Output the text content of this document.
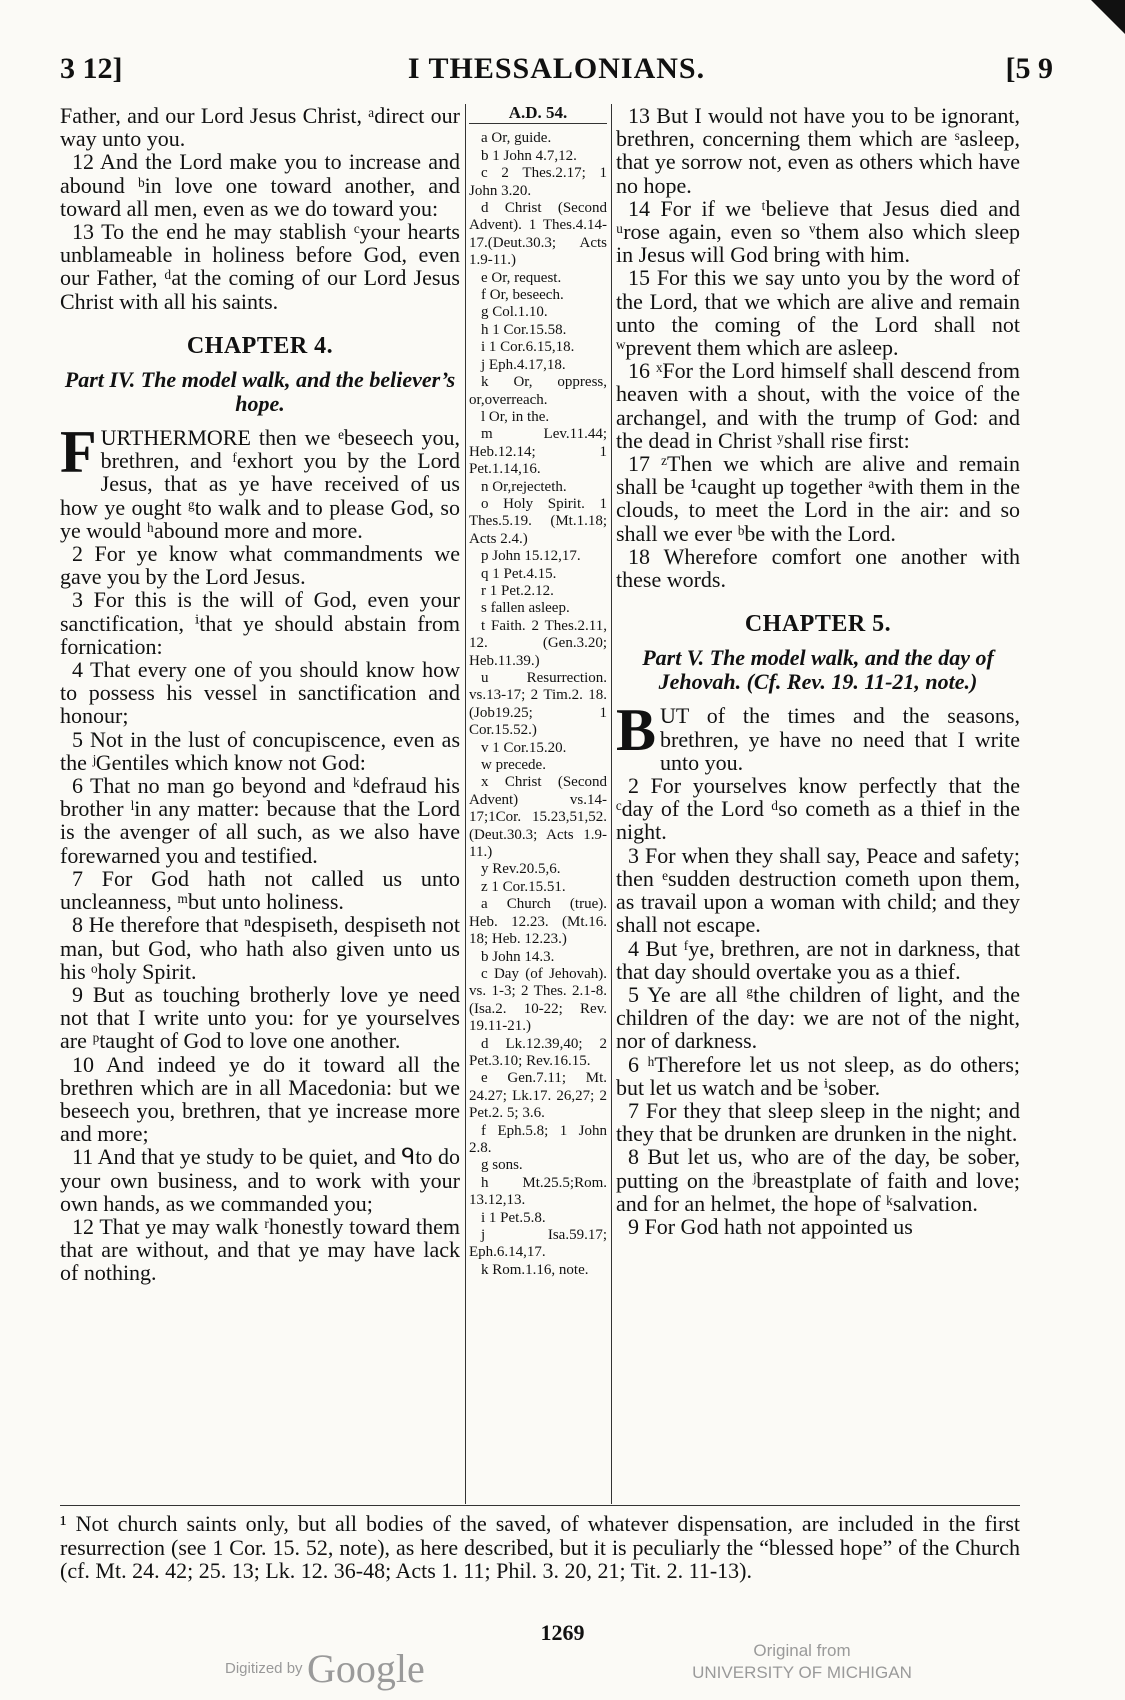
3 12]	I THESSALONIANS.	[5 9

Father, and our Lord Jesus Christ, ᵃdirect our way unto you.

12 And the Lord make you to increase and abound ᵇin love one toward another, and toward all men, even as we do toward you:

13 To the end he may stablish ᶜyour hearts unblameable in holiness before God, even our Father, ᵈat the coming of our Lord Jesus Christ with all his saints.

CHAPTER 4.
Part IV. The model walk, and the believer’s hope.

FURTHERMORE then we ᵉbeseech you, brethren, and ᶠexhort you by the Lord Jesus, that as ye have received of us how ye ought ᵍto walk and to please God, so ye would ʰabound more and more.

2 For ye know what commandments we gave you by the Lord Jesus.

3 For this is the will of God, even your sanctification, ⁱthat ye should abstain from fornication:

4 That every one of you should know how to possess his vessel in sanctification and honour;

5 Not in the lust of concupiscence, even as the ʲGentiles which know not God:

6 That no man go beyond and ᵏdefraud his brother ˡin any matter: because that the Lord is the avenger of all such, as we also have forewarned you and testified.

7 For God hath not called us unto uncleanness, ᵐbut unto holiness.

8 He therefore that ⁿdespiseth, despiseth not man, but God, who hath also given unto us his ᵒholy Spirit.

9 But as touching brotherly love ye need not that I write unto you: for ye yourselves are ᵖtaught of God to love one another.

10 And indeed ye do it toward all the brethren which are in all Macedonia: but we beseech you, brethren, that ye increase more and more;

11 And that ye study to be quiet, and ᑫto do your own business, and to work with your own hands, as we commanded you;

12 That ye may walk ʳhonestly toward them that are without, and that ye may have lack of nothing.

A.D. 54.

a Or, guide.

b 1 John 4.7,12.

c 2 Thes.2.17; 1 John 3.20.

d Christ (Second Advent). 1 Thes.4.14-17.(Deut.30.3; Acts 1.9-11.)

e Or, request.

f Or, beseech.

g Col.1.10.

h 1 Cor.15.58.

i 1 Cor.6.15,18.

j Eph.4.17,18.

k Or, oppress, or,overreach.

l Or, in the.

m Lev.11.44; Heb.12.14; 1 Pet.1.14,16.

n Or,rejecteth.

o Holy Spirit. 1 Thes.5.19. (Mt.1.18; Acts 2.4.)

p John 15.12,17.

q 1 Pet.4.15.

r 1 Pet.2.12.

s fallen asleep.

t Faith. 2 Thes.2.11, 12. (Gen.3.20; Heb.11.39.)

u Resurrection. vs.13-17; 2 Tim.2. 18. (Job19.25; 1 Cor.15.52.)

v 1 Cor.15.20.

w precede.

x Christ (Second Advent) vs.14-17;1Cor. 15.23,51,52. (Deut.30.3; Acts 1.9-11.)

y Rev.20.5,6.

z 1 Cor.15.51.

a Church (true). Heb. 12.23. (Mt.16. 18; Heb. 12.23.)

b John 14.3.

c Day (of Jehovah). vs. 1-3; 2 Thes. 2.1-8. (Isa.2. 10-22; Rev. 19.11-21.)

d Lk.12.39,40; 2 Pet.3.10; Rev.16.15.

e Gen.7.11; Mt. 24.27; Lk.17. 26,27; 2 Pet.2. 5; 3.6.

f Eph.5.8; 1 John 2.8.

g sons.

h Mt.25.5;Rom. 13.12,13.

i 1 Pet.5.8.

j Isa.59.17; Eph.6.14,17.

k Rom.1.16, note.

13 But I would not have you to be ignorant, brethren, concerning them which are ˢasleep, that ye sorrow not, even as others which have no hope.

14 For if we ᵗbelieve that Jesus died and ᵘrose again, even so ᵛthem also which sleep in Jesus will God bring with him.

15 For this we say unto you by the word of the Lord, that we which are alive and remain unto the coming of the Lord shall not ʷprevent them which are asleep.

16 ˣFor the Lord himself shall descend from heaven with a shout, with the voice of the archangel, and with the trump of God: and the dead in Christ ʸshall rise first:

17 ᶻThen we which are alive and remain shall be ¹caught up together ᵃwith them in the clouds, to meet the Lord in the air: and so shall we ever ᵇbe with the Lord.

18 Wherefore comfort one another with these words.

CHAPTER 5.
Part V. The model walk, and the day of Jehovah. (Cf. Rev. 19. 11-21, note.)

BUT of the times and the seasons, brethren, ye have no need that I write unto you.

2 For yourselves know perfectly that the ᶜday of the Lord ᵈso cometh as a thief in the night.

3 For when they shall say, Peace and safety; then ᵉsudden destruction cometh upon them, as travail upon a woman with child; and they shall not escape.

4 But ᶠye, brethren, are not in darkness, that that day should overtake you as a thief.

5 Ye are all ᵍthe children of light, and the children of the day: we are not of the night, nor of darkness.

6 ʰTherefore let us not sleep, as do others; but let us watch and be ⁱsober.

7 For they that sleep sleep in the night; and they that be drunken are drunken in the night.

8 But let us, who are of the day, be sober, putting on the ʲbreastplate of faith and love; and for an helmet, the hope of ᵏsalvation.

9 For God hath not appointed us

¹ Not church saints only, but all bodies of the saved, of whatever dispensation, are included in the first resurrection (see 1 Cor. 15. 52, note), as here described, but it is peculiarly the “blessed hope” of the Church (cf. Mt. 24. 42; 25. 13; Lk. 12. 36-48; Acts 1. 11; Phil. 3. 20, 21; Tit. 2. 11-13).
1269
Digitized by Google	Original from
UNIVERSITY OF MICHIGAN
